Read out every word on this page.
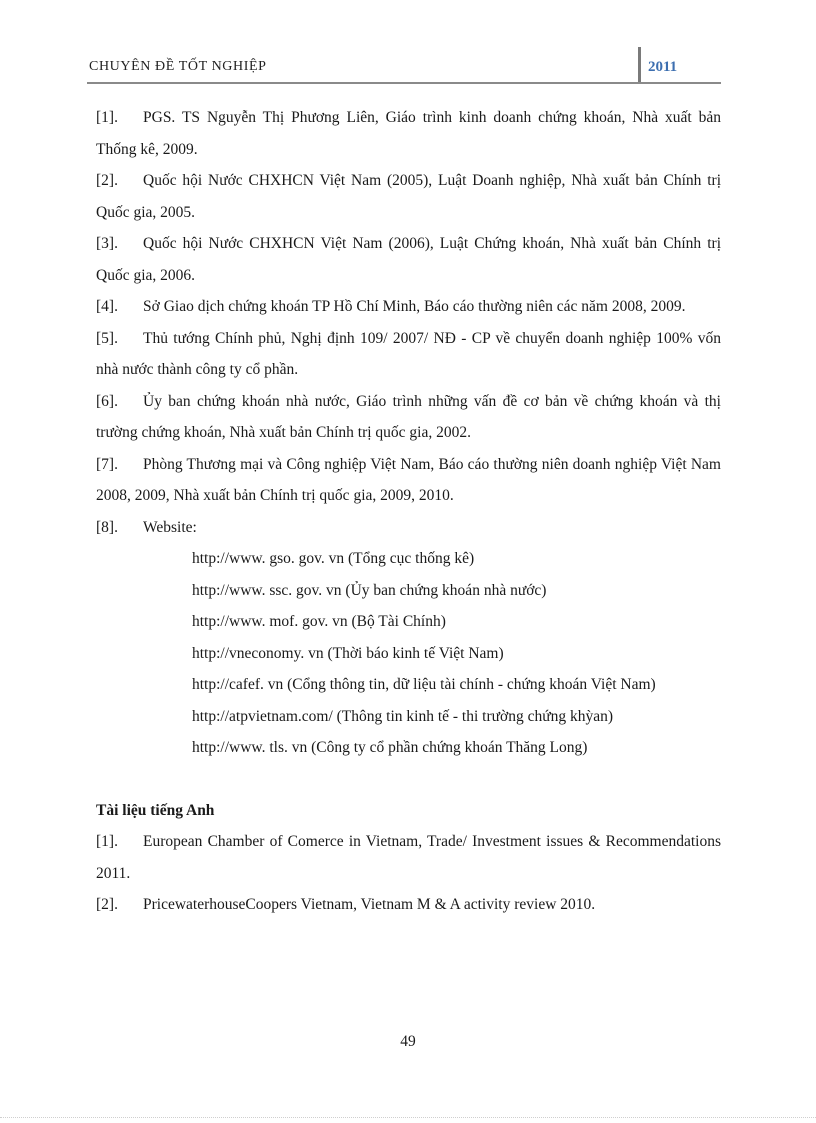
CHUYÊN ĐỀ TỐT NGHIỆP	2011

[1]. PGS. TS Nguyễn Thị Phương Liên, Giáo trình kinh doanh chứng khoán, Nhà xuất bản Thống kê, 2009.

[2]. Quốc hội Nước CHXHCN Việt Nam (2005), Luật Doanh nghiệp, Nhà xuất bản Chính trị Quốc gia, 2005.

[3]. Quốc hội Nước CHXHCN Việt Nam (2006), Luật Chứng khoán, Nhà xuất bản Chính trị Quốc gia, 2006.

[4]. Sở Giao dịch chứng khoán TP Hồ Chí Minh, Báo cáo thường niên các năm 2008, 2009.

[5]. Thủ tướng Chính phủ, Nghị định 109/ 2007/ NĐ - CP về chuyển doanh nghiệp 100% vốn nhà nước thành công ty cổ phần.

[6]. Ủy ban chứng khoán nhà nước, Giáo trình những vấn đề cơ bản về chứng khoán và thị trường chứng khoán, Nhà xuất bản Chính trị quốc gia, 2002.

[7]. Phòng Thương mại và Công nghiệp Việt Nam, Báo cáo thường niên doanh nghiệp Việt Nam 2008, 2009, Nhà xuất bản Chính trị quốc gia, 2009, 2010.

[8]. Website:

http://www. gso. gov. vn (Tổng cục thống kê)
http://www. ssc. gov. vn (Ủy ban chứng khoán nhà nước)
http://www. mof. gov. vn (Bộ Tài Chính)
http://vneconomy. vn (Thời báo kinh tế Việt Nam)
http://cafef. vn (Cổng thông tin, dữ liệu tài chính - chứng khoán Việt Nam)
http://atpvietnam.com/ (Thông tin kinh tế - thi trường chứng khỳan)
http://www. tls. vn (Công ty cổ phần chứng khoán Thăng Long)
Tài liệu tiếng Anh

[1]. European Chamber of Comerce in Vietnam, Trade/ Investment issues & Recommendations 2011.

[2]. PricewaterhouseCoopers Vietnam, Vietnam M & A activity review 2010.

49
